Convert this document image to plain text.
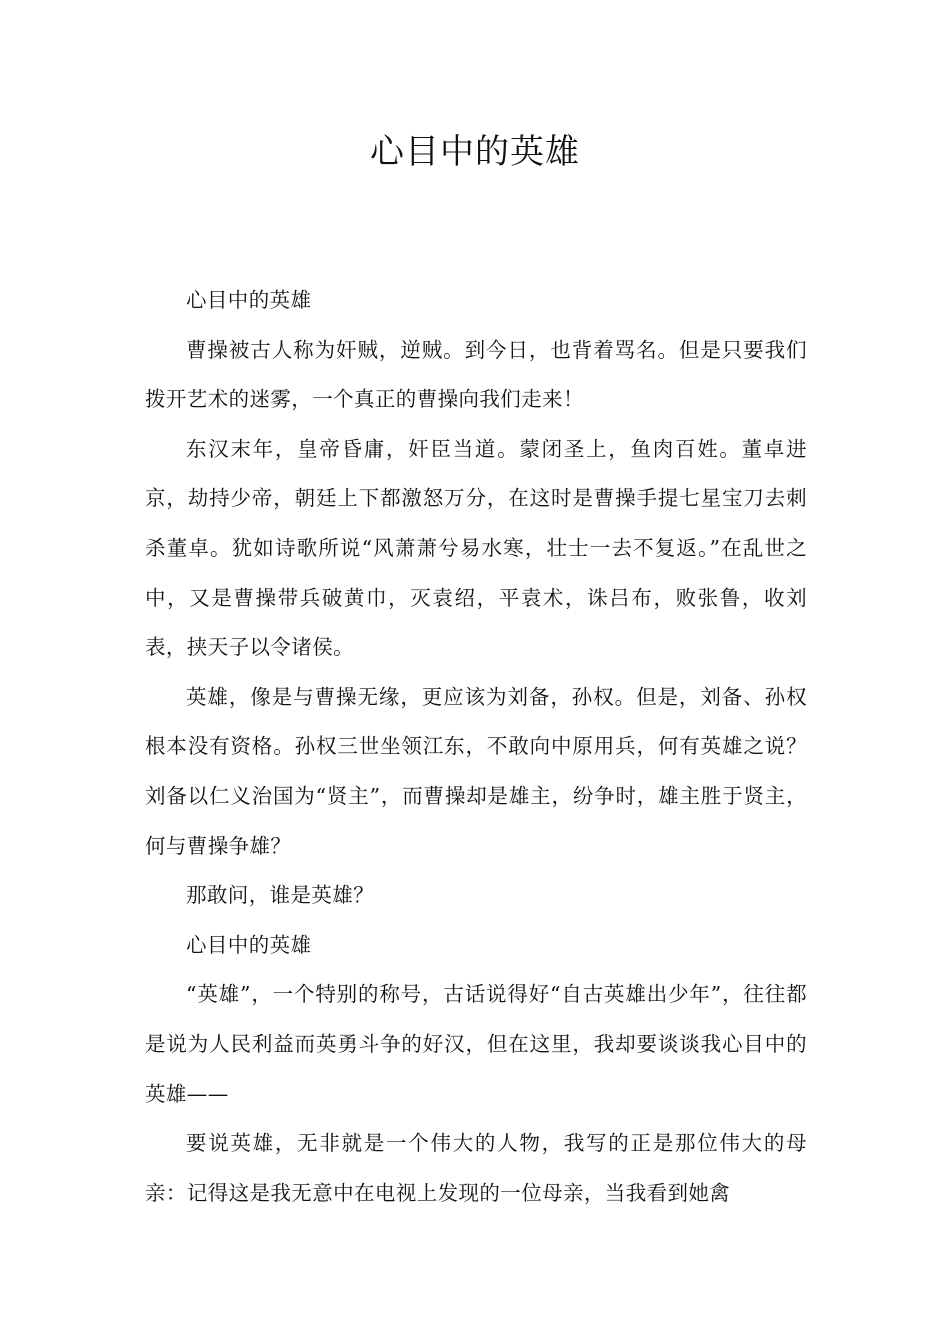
心目中的英雄

心目中的英雄

曹操被古人称为奸贼，逆贼。到今日，也背着骂名。但是只要我们拨开艺术的迷雾，一个真正的曹操向我们走来！

东汉末年，皇帝昏庸，奸臣当道。蒙闭圣上，鱼肉百姓。董卓进京，劫持少帝，朝廷上下都激怒万分，在这时是曹操手提七星宝刀去刺杀董卓。犹如诗歌所说“风萧萧兮易水寒，壮士一去不复返。”在乱世之中，又是曹操带兵破黄巾，灭袁绍，平袁术，诛吕布，败张鲁，收刘表，挟天子以令诸侯。

英雄，像是与曹操无缘，更应该为刘备，孙权。但是，刘备、孙权根本没有资格。孙权三世坐领江东，不敢向中原用兵，何有英雄之说？刘备以仁义治国为“贤主”，而曹操却是雄主，纷争时，雄主胜于贤主，何与曹操争雄？

那敢问，谁是英雄？

心目中的英雄

“英雄”，一个特别的称号，古话说得好“自古英雄出少年”，往往都是说为人民利益而英勇斗争的好汉，但在这里，我却要谈谈我心目中的英雄——

要说英雄，无非就是一个伟大的人物，我写的正是那位伟大的母亲：记得这是我无意中在电视上发现的一位母亲，当我看到她禽
